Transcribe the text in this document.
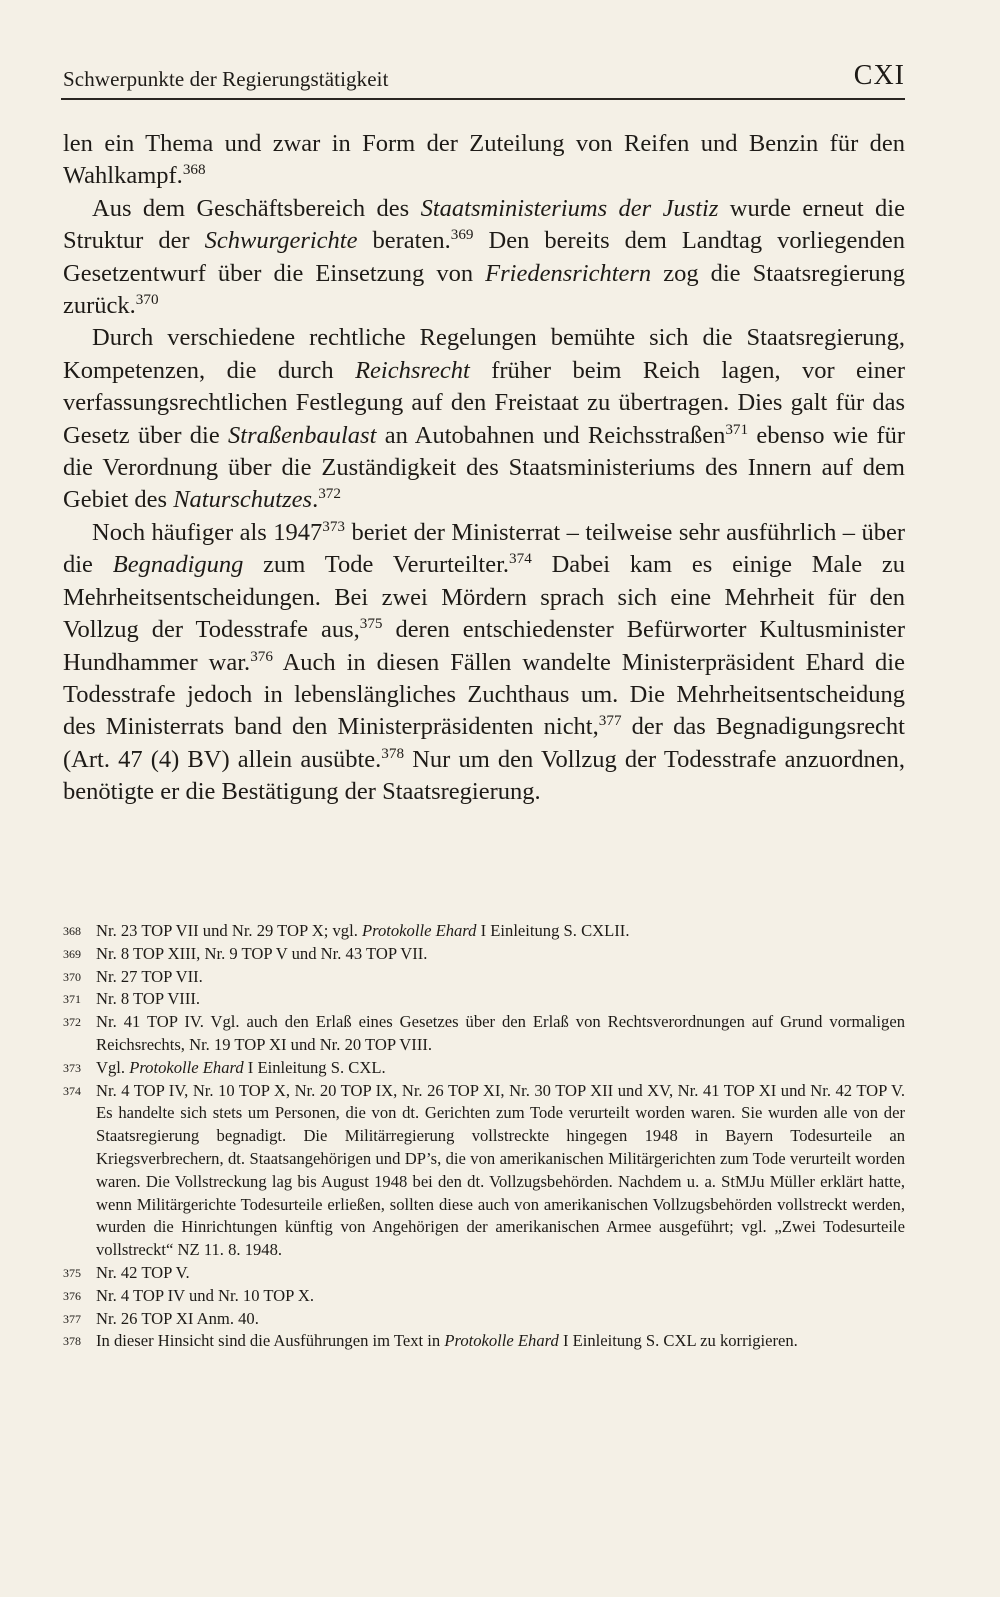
Schwerpunkte der Regierungstätigkeit	CXI

len ein Thema und zwar in Form der Zuteilung von Reifen und Benzin für den Wahlkampf.$^{368}$

Aus dem Geschäftsbereich des Staatsministeriums der Justiz wurde erneut die Struktur der Schwurgerichte beraten.$^{369}$ Den bereits dem Landtag vorliegenden Gesetzentwurf über die Einsetzung von Friedensrichtern zog die Staatsregierung zurück.$^{370}$

Durch verschiedene rechtliche Regelungen bemühte sich die Staatsregierung, Kompetenzen, die durch Reichsrecht früher beim Reich lagen, vor einer verfassungsrechtlichen Festlegung auf den Freistaat zu übertragen. Dies galt für das Gesetz über die Straßenbaulast an Autobahnen und Reichsstraßen$^{371}$ ebenso wie für die Verordnung über die Zuständigkeit des Staatsministeriums des Innern auf dem Gebiet des Naturschutzes.$^{372}$

Noch häufiger als 1947$^{373}$ beriet der Ministerrat – teilweise sehr ausführlich – über die Begnadigung zum Tode Verurteilter.$^{374}$ Dabei kam es einige Male zu Mehrheitsentscheidungen. Bei zwei Mördern sprach sich eine Mehrheit für den Vollzug der Todesstrafe aus,$^{375}$ deren entschiedenster Befürworter Kultusminister Hundhammer war.$^{376}$ Auch in diesen Fällen wandelte Ministerpräsident Ehard die Todesstrafe jedoch in lebenslängliches Zuchthaus um. Die Mehrheitsentscheidung des Ministerrats band den Ministerpräsidenten nicht,$^{377}$ der das Begnadigungsrecht (Art. 47 (4) BV) allein ausübte.$^{378}$ Nur um den Vollzug der Todesstrafe anzuordnen, benötigte er die Bestätigung der Staatsregierung.

368 Nr. 23 TOP VII und Nr. 29 TOP X; vgl. Protokolle Ehard I Einleitung S. CXLII.
369 Nr. 8 TOP XIII, Nr. 9 TOP V und Nr. 43 TOP VII.
370 Nr. 27 TOP VII.
371 Nr. 8 TOP VIII.
372 Nr. 41 TOP IV. Vgl. auch den Erlaß eines Gesetzes über den Erlaß von Rechtsverordnungen auf Grund vormaligen Reichsrechts, Nr. 19 TOP XI und Nr. 20 TOP VIII.
373 Vgl. Protokolle Ehard I Einleitung S. CXL.
374 Nr. 4 TOP IV, Nr. 10 TOP X, Nr. 20 TOP IX, Nr. 26 TOP XI, Nr. 30 TOP XII und XV, Nr. 41 TOP XI und Nr. 42 TOP V. Es handelte sich stets um Personen, die von dt. Gerichten zum Tode verurteilt worden waren. Sie wurden alle von der Staatsregierung begnadigt. Die Militärregierung vollstreckte hingegen 1948 in Bayern Todesurteile an Kriegsverbrechern, dt. Staatsangehörigen und DP’s, die von amerikanischen Militärgerichten zum Tode verurteilt worden waren. Die Vollstreckung lag bis August 1948 bei den dt. Vollzugsbehörden. Nachdem u. a. StMJu Müller erklärt hatte, wenn Militärgerichte Todesurteile erließen, sollten diese auch von amerikanischen Vollzugsbehörden vollstreckt werden, wurden die Hinrichtungen künftig von Angehörigen der amerikanischen Armee ausgeführt; vgl. „Zwei Todesurteile vollstreckt“ NZ 11. 8. 1948.
375 Nr. 42 TOP V.
376 Nr. 4 TOP IV und Nr. 10 TOP X.
377 Nr. 26 TOP XI Anm. 40.
378 In dieser Hinsicht sind die Ausführungen im Text in Protokolle Ehard I Einleitung S. CXL zu korrigieren.
